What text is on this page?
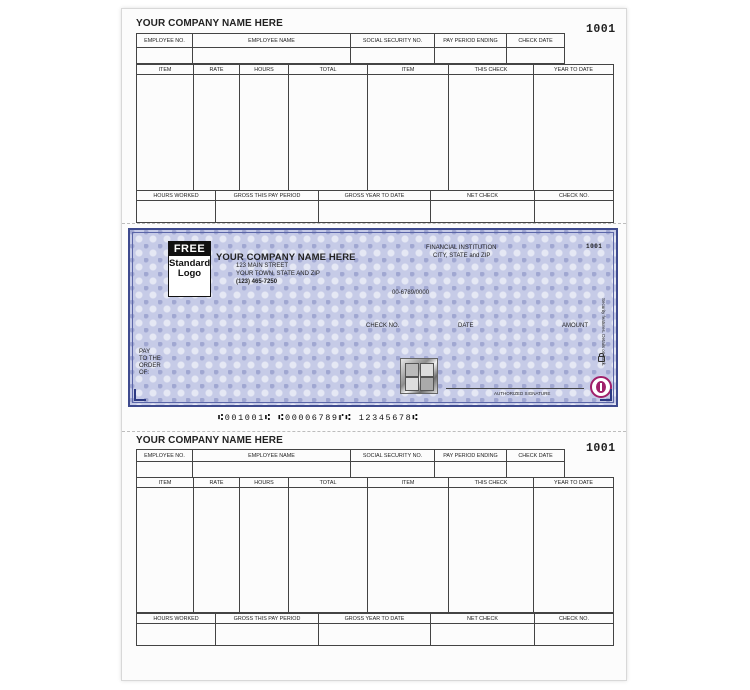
YOUR COMPANY NAME HERE	1001
EMPLOYEE NO.	EMPLOYEE NAME	SOCIAL SECURITY NO.	PAY PERIOD ENDING	CHECK DATE

ITEM	RATE	HOURS	TOTAL	ITEM	THIS CHECK	YEAR TO DATE

HOURS WORKED	GROSS THIS PAY PERIOD	GROSS YEAR TO DATE	NET CHECK	CHECK NO.

FREE
Standard
Logo
YOUR COMPANY NAME HERE
123 MAIN STREET
YOUR TOWN, STATE AND ZIP
(123) 465-7250
FINANCIAL INSTITUTION
CITY, STATE and ZIP
00-6789/0000
1001
CHECK NO.	DATE	AMOUNT
PAY
TO THE
ORDER
OF:
AUTHORIZED SIGNATURE
Security features. Details on back.
⑆001001⑆ ⑆00006789⑈⑆ 12345678⑆
YOUR COMPANY NAME HERE
1001
EMPLOYEE NO.	EMPLOYEE NAME	SOCIAL SECURITY NO.	PAY PERIOD ENDING	CHECK DATE

ITEM	RATE	HOURS	TOTAL	ITEM	THIS CHECK	YEAR TO DATE

HOURS WORKED	GROSS THIS PAY PERIOD	GROSS YEAR TO DATE	NET CHECK	CHECK NO.
